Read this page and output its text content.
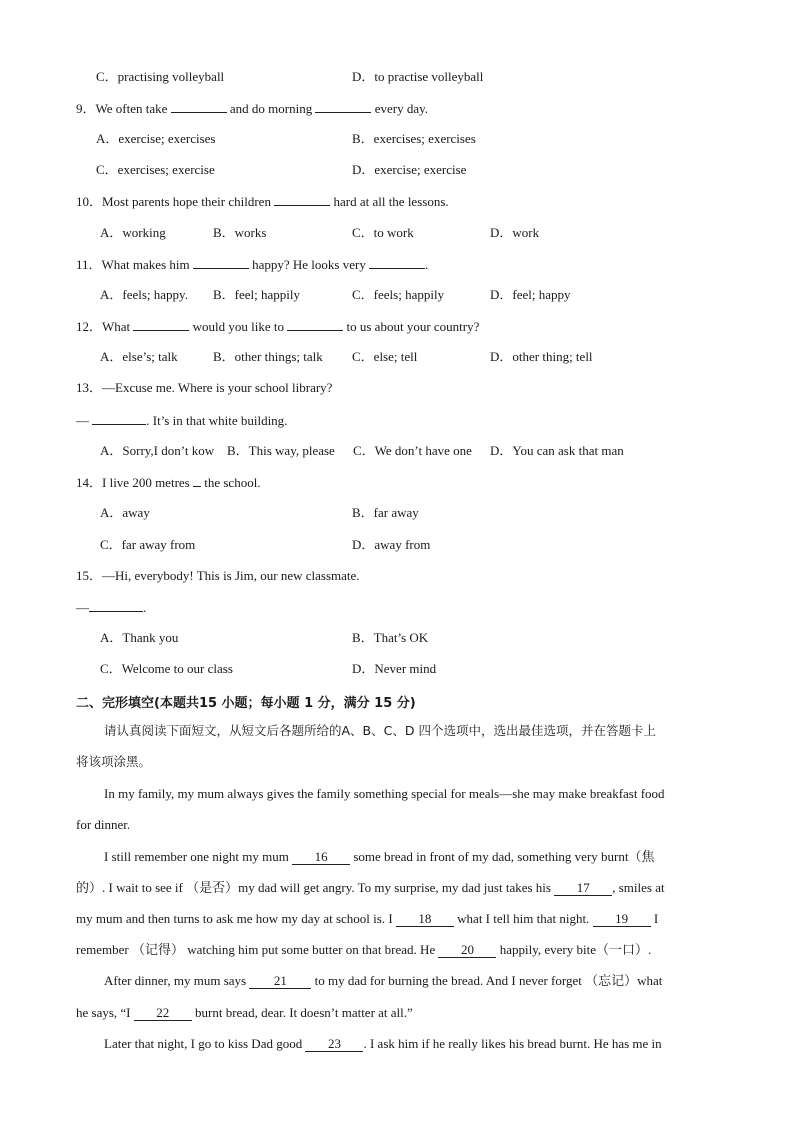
C．practising volleyball	D．to practise volleyball
9．We often take	and do morning	every day.
A．exercise; exercises	B．exercises; exercises
C．exercises; exercise	D．exercise; exercise
10．Most parents hope their children	hard at all the lessons.
A．working	B．works	C．to work	D．work
11．What makes him	happy? He looks very	.
A．feels; happy. B．feel; happily	C．feels; happily	D．feel; happy
12．What	would you like to	to us about your country?
A．else’s; talk	B．other things; talk C．else; tell	D．other thing; tell
13．—Excuse me. Where is your school library?
—	. It’s in that white building.
A．Sorry,I don’t kow B．This way, please C．We don’t have one D．You can ask that man
14．I live 200 metres the school.
A．away	B．far away
C．far away from	D．away from
15．—Hi, everybody! This is Jim, our new classmate.
—	.
A．Thank you	B．That’s OK
C．Welcome to our class	D．Never mind
二、完形填空(本题共15 小题；每小题 1 分，满分 15 分)
请认真阅读下面短文，从短文后各题所给的A、B、C、D 四个选项中，选出最佳选项，并在答题卡上
将该项涂黑。
In my family, my mum always gives the family something special for meals—she may make breakfast food
for dinner.
I still remember one night my mum 16 some bread in front of my dad, something very burnt（焦
的）. I wait to see if （是否）my dad will get angry. To my surprise, my dad just takes his 17 , smiles at
my mum and then turns to ask me how my day at school is. I 18 what I tell him that night. 19 I
remember （记得） watching him put some butter on that bread. He 20 happily, every bite（一口）.
After dinner, my mum says 21 to my dad for burning the bread. And I never forget （忘记）what
he says, “I 22 burnt bread, dear. It doesn’t matter at all.”
Later that night, I go to kiss Dad good 23 . I ask him if he really likes his bread burnt. He has me in
